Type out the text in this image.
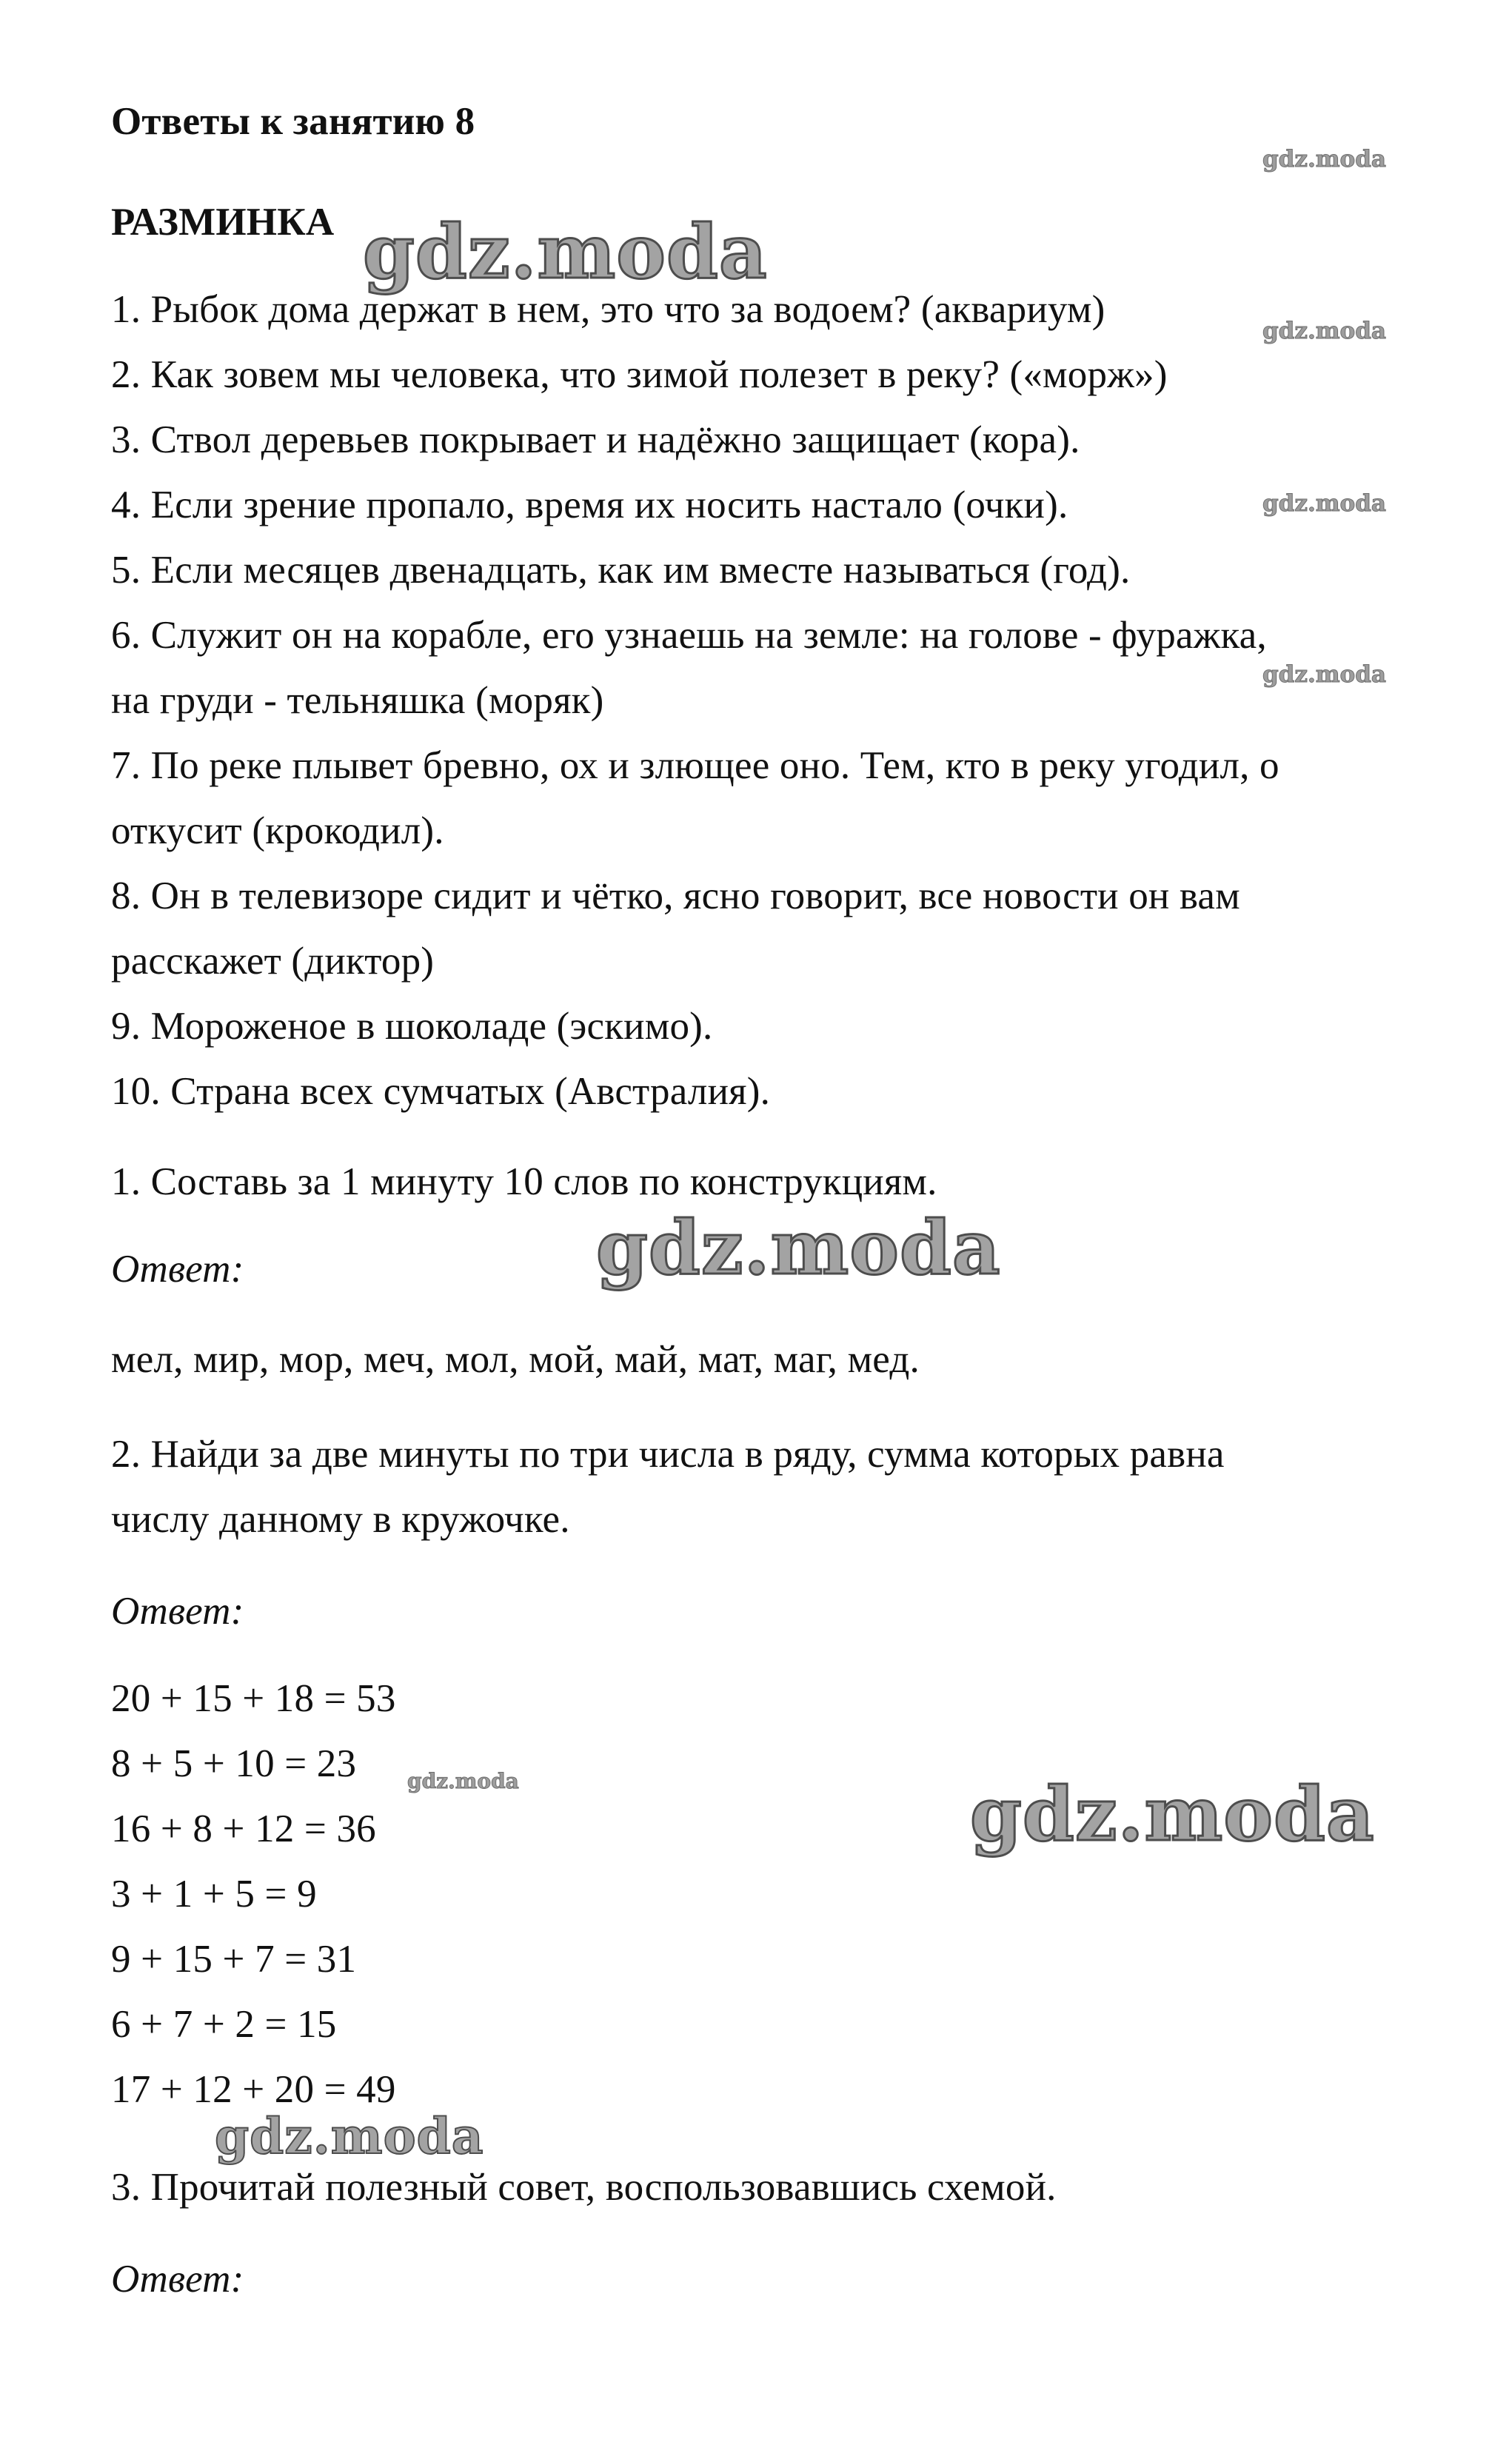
Ответы к занятию 8
РАЗМИНКА
1. Рыбок дома держат в нем, это что за водоем? (аквариум)
2. Как зовем мы человека, что зимой полезет в реку? («морж»)
3. Ствол деревьев покрывает и надёжно защищает (кора).
4. Если зрение пропало, время их носить настало (очки).
5. Если месяцев двенадцать, как им вместе называться (год).
6. Служит он на корабле, его узнаешь на земле: на голове - фуражка,
на груди - тельняшка (моряк)
7. По реке плывет бревно, ох и злющее оно. Тем, кто в реку угодил, о
откусит (крокодил).
8. Он в телевизоре сидит и чётко, ясно говорит, все новости он вам
расскажет (диктор)
9. Мороженое в шоколаде (эскимо).
10. Страна всех сумчатых (Австралия).
1. Составь за 1 минуту 10 слов по конструкциям.
Ответ:
мел, мир, мор, меч, мол, мой, май, мат, маг, мед.
2. Найди за две минуты по три числа в ряду, сумма которых равна
числу данному в кружочке.
Ответ:
20 + 15 + 18 = 53
8 + 5 + 10 = 23
16 + 8 + 12 = 36
3 + 1 + 5 = 9
9 + 15 + 7 = 31
6 + 7 + 2 = 15
17 + 12 + 20 = 49
3. Прочитай полезный совет, воспользовавшись схемой.
Ответ:
gdz.moda
gdz.moda
gdz.moda
gdz.moda
gdz.moda
gdz.moda
gdz.moda
gdz.moda
gdz.moda
